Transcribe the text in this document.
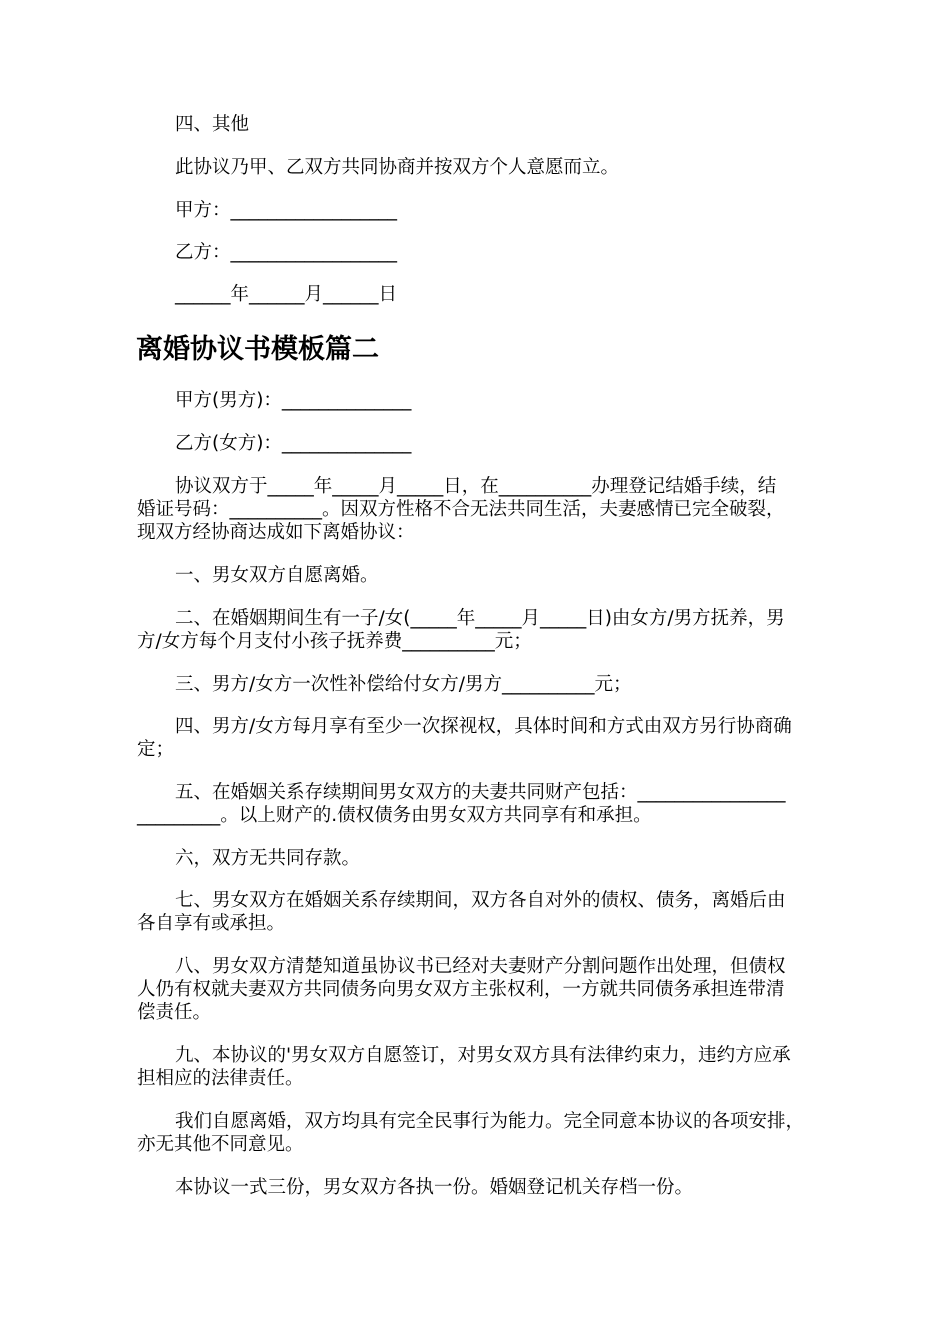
四、其他
此协议乃甲、乙双方共同协商并按双方个人意愿而立。
甲方：__________________
乙方：__________________
______年______月______日
离婚协议书模板篇二
甲方(男方)：______________
乙方(女方)：______________
协议双方于_____年_____月_____日，在__________办理登记结婚手续，结
婚证号码：__________。因双方性格不合无法共同生活，夫妻感情已完全破裂，
现双方经协商达成如下离婚协议：
一、男女双方自愿离婚。
二、在婚姻期间生有一子/女(_____年_____月_____日)由女方/男方抚养，男
方/女方每个月支付小孩子抚养费__________元；
三、男方/女方一次性补偿给付女方/男方__________元；
四、男方/女方每月享有至少一次探视权，具体时间和方式由双方另行协商确
定；
五、在婚姻关系存续期间男女双方的夫妻共同财产包括：________________
_________。以上财产的.债权债务由男女双方共同享有和承担。
六，双方无共同存款。
七、男女双方在婚姻关系存续期间，双方各自对外的债权、债务，离婚后由
各自享有或承担。
八、男女双方清楚知道虽协议书已经对夫妻财产分割问题作出处理，但债权
人仍有权就夫妻双方共同债务向男女双方主张权利，一方就共同债务承担连带清
偿责任。
九、本协议的'男女双方自愿签订，对男女双方具有法律约束力，违约方应承
担相应的法律责任。
我们自愿离婚，双方均具有完全民事行为能力。完全同意本协议的各项安排，
亦无其他不同意见。
本协议一式三份，男女双方各执一份。婚姻登记机关存档一份。
